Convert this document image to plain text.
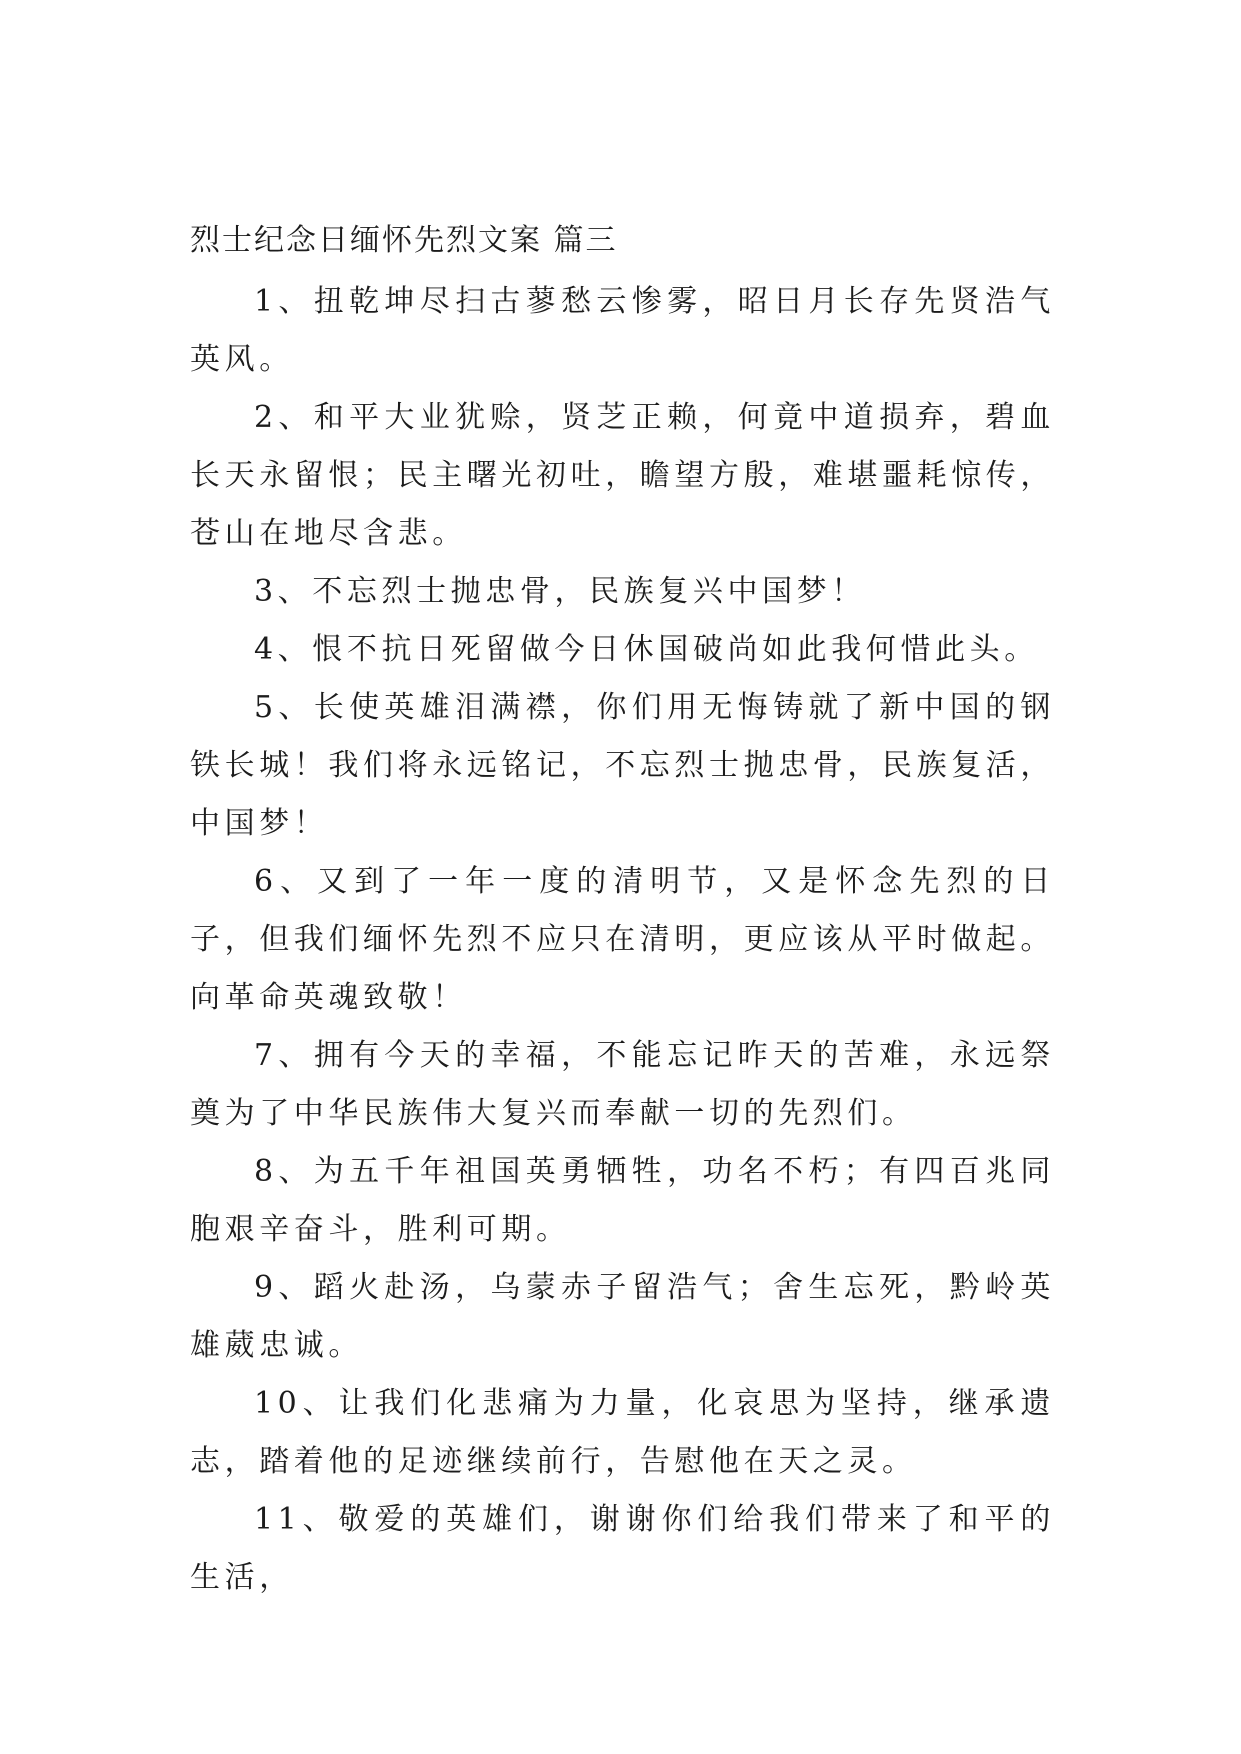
烈士纪念日缅怀先烈文案 篇三

1、扭乾坤尽扫古蓼愁云惨雾，昭日月长存先贤浩气英风。

2、和平大业犹赊，贤芝正赖，何竟中道损弃，碧血长天永留恨；民主曙光初吐，瞻望方殷，难堪噩耗惊传，苍山在地尽含悲。

3、不忘烈士抛忠骨，民族复兴中国梦！

4、恨不抗日死留做今日休国破尚如此我何惜此头。

5、长使英雄泪满襟，你们用无悔铸就了新中国的钢铁长城！我们将永远铭记，不忘烈士抛忠骨，民族复活，中国梦！

6、又到了一年一度的清明节，又是怀念先烈的日子，但我们缅怀先烈不应只在清明，更应该从平时做起。向革命英魂致敬！

7、拥有今天的幸福，不能忘记昨天的苦难，永远祭奠为了中华民族伟大复兴而奉献一切的先烈们。

8、为五千年祖国英勇牺牲，功名不朽；有四百兆同胞艰辛奋斗，胜利可期。

9、蹈火赴汤，乌蒙赤子留浩气；舍生忘死，黔岭英雄葳忠诚。

10、让我们化悲痛为力量，化哀思为坚持，继承遗志，踏着他的足迹继续前行，告慰他在天之灵。

11、敬爱的英雄们，谢谢你们给我们带来了和平的生活，
